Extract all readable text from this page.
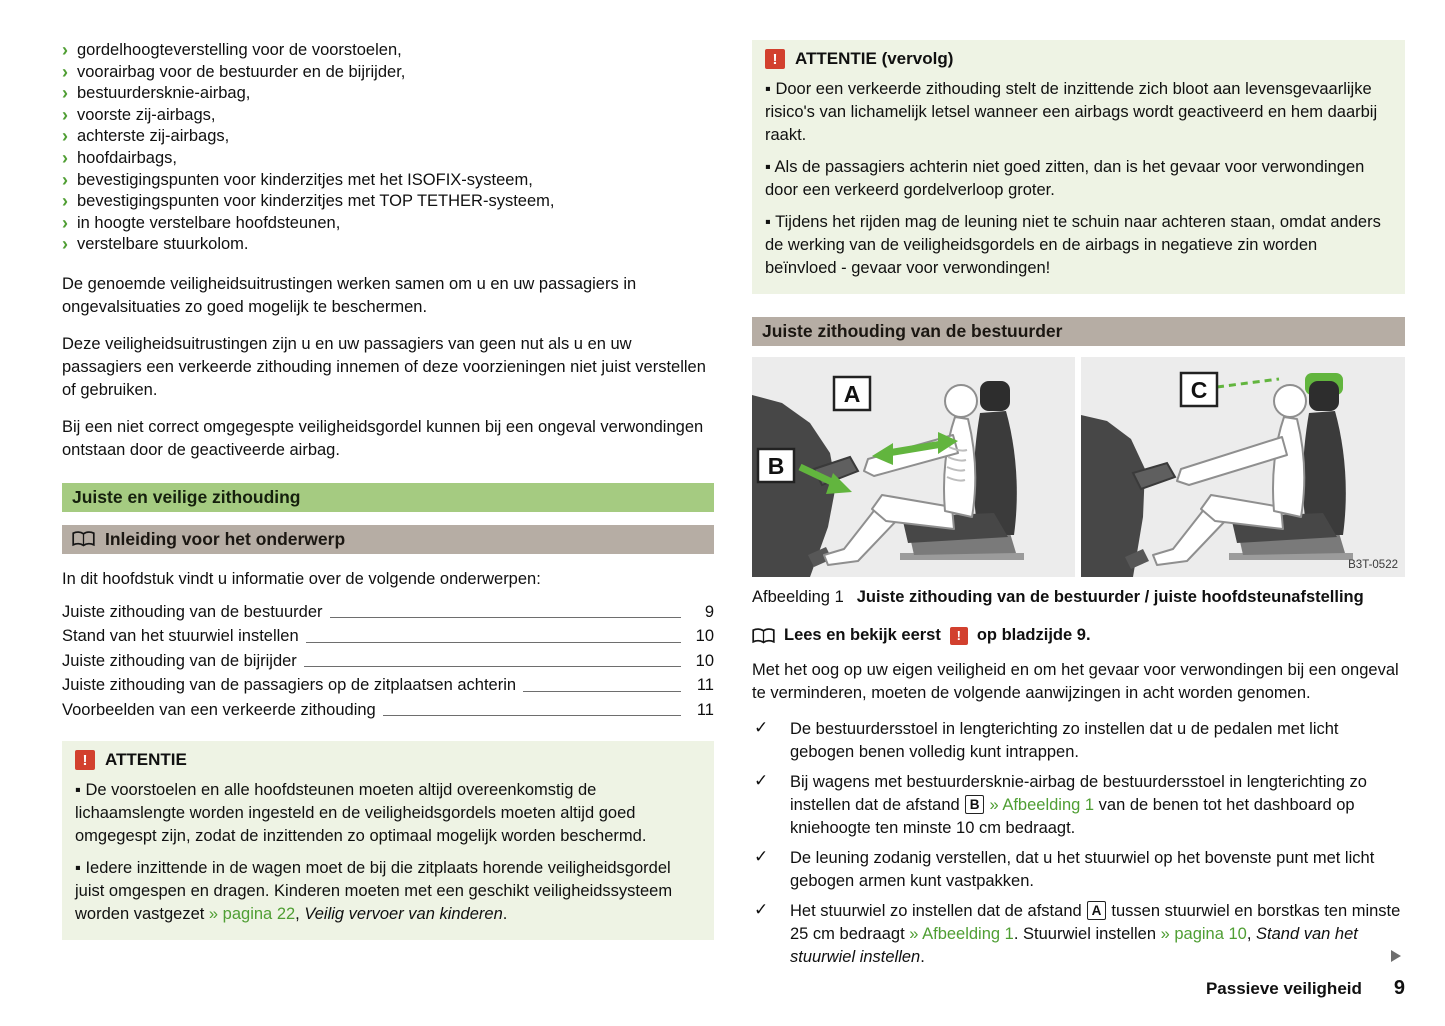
›
gordelhoogteverstelling voor de voorstoelen,
›
voorairbag voor de bestuurder en de bijrijder,
›
bestuurdersknie-airbag,
›
voorste zij-airbags,
›
achterste zij-airbags,
›
hoofdairbags,
›
bevestigingspunten voor kinderzitjes met het ISOFIX-systeem,
›
bevestigingspunten voor kinderzitjes met TOP TETHER-systeem,
›
in hoogte verstelbare hoofdsteunen,
›
verstelbare stuurkolom.

De genoemde veiligheidsuitrustingen werken samen om u en uw passagiers in ongevalsituaties zo goed mogelijk te beschermen.

Deze veiligheidsuitrustingen zijn u en uw passagiers van geen nut als u en uw passagiers een verkeerde zithouding innemen of deze voorzieningen niet juist verstellen of gebruiken.

Bij een niet correct omgegespte veiligheidsgordel kunnen bij een ongeval verwondingen ontstaan door de geactiveerde airbag.

Juiste en veilige zithouding
Inleiding voor het onderwerp

In dit hoofdstuk vindt u informatie over de volgende onderwerpen:

Juiste zithouding van de bestuurder	9
Stand van het stuurwiel instellen	10
Juiste zithouding van de bijrijder	10
Juiste zithouding van de passagiers op de zitplaatsen achterin	11
Voorbeelden van een verkeerde zithouding	11
!
ATTENTIE

▪ De voorstoelen en alle hoofdsteunen moeten altijd overeenkomstig de lichaamslengte worden ingesteld en de veiligheidsgordels moeten altijd goed omgegespt zijn, zodat de inzittenden zo optimaal mogelijk worden beschermd.

▪ Iedere inzittende in de wagen moet de bij die zitplaats horende veiligheidsgordel juist omgespen en dragen. Kinderen moeten met een geschikt veiligheidssysteem worden vastgezet » pagina 22, Veilig vervoer van kinderen.

!
ATTENTIE (vervolg)

▪ Door een verkeerde zithouding stelt de inzittende zich bloot aan levensgevaarlijke risico's van lichamelijk letsel wanneer een airbags wordt geactiveerd en hem daarbij raakt.

▪ Als de passagiers achterin niet goed zitten, dan is het gevaar voor verwondingen door een verkeerd gordelverloop groter.

▪ Tijdens het rijden mag de leuning niet te schuin naar achteren staan, omdat anders de werking van de veiligheidsgordels en de airbags in negatieve zin worden beïnvloed - gevaar voor verwondingen!

Juiste zithouding van de bestuurder
A
B
C
B3T-0522

Afbeelding 1 Juiste zithouding van de bestuurder / juiste hoofdsteunafstelling

Lees en bekijk eerst ! op bladzijde 9.

Met het oog op uw eigen veiligheid en om het gevaar voor verwondingen bij een ongeval te verminderen, moeten de volgende aanwijzingen in acht worden genomen.

✓

De bestuurdersstoel in lengterichting zo instellen dat u de pedalen met licht gebogen benen volledig kunt intrappen.

✓

Bij wagens met bestuurdersknie-airbag de bestuurdersstoel in lengterichting zo instellen dat de afstand B » Afbeelding 1 van de benen tot het dashboard op kniehoogte ten minste 10 cm bedraagt.

✓

De leuning zodanig verstellen, dat u het stuurwiel op het bovenste punt met licht gebogen armen kunt vastpakken.

✓

Het stuurwiel zo instellen dat de afstand A tussen stuurwiel en borstkas ten minste 25 cm bedraagt » Afbeelding 1. Stuurwiel instellen » pagina 10, Stand van het stuurwiel instellen.

Passieve veiligheid 9
